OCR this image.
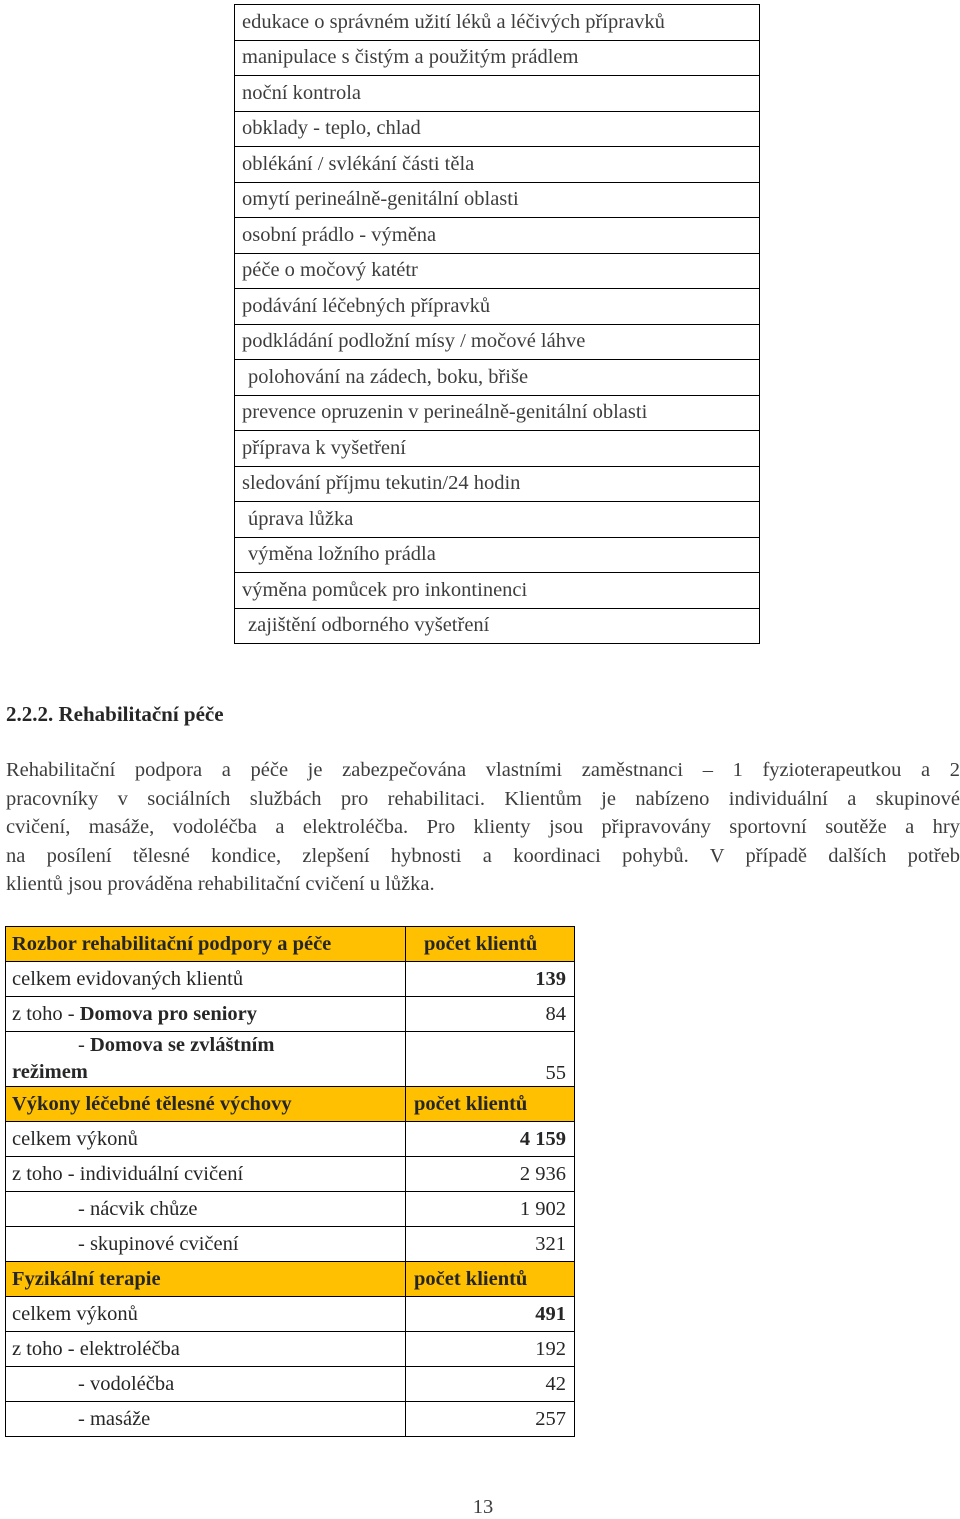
edukace o správném užití léků a léčivých přípravků
manipulace s čistým a použitým prádlem
noční kontrola
obklady - teplo, chlad
oblékání / svlékání části těla
omytí perineálně-genitální oblasti
osobní prádlo - výměna
péče o močový katétr
podávání léčebných přípravků
podkládání podložní mísy / močové láhve
polohování na zádech, boku, břiše
prevence opruzenin v perineálně-genitální oblasti
příprava k vyšetření
sledování příjmu tekutin/24 hodin
úprava lůžka
výměna ložního prádla
výměna pomůcek pro inkontinenci
zajištění odborného vyšetření
2.2.2. Rehabilitační péče

Rehabilitační podpora a péče je zabezpečována vlastními zaměstnanci – 1 fyzioterapeutkou a 2
pracovníky v sociálních službách pro rehabilitaci. Klientům je nabízeno individuální a skupinové
cvičení, masáže, vodoléčba a elektroléčba. Pro klienty jsou připravovány sportovní soutěže a hry
na posílení tělesné kondice, zlepšení hybnosti a koordinaci pohybů. V případě dalších potřeb
klientů jsou prováděna rehabilitační cvičení u lůžka.

Rozbor rehabilitační podpory a péče	počet klientů
celkem evidovaných klientů	139
z toho - Domova pro seniory	84

- Domova se zvláštním
režimem	55
Výkony léčebné tělesné výchovy	počet klientů
celkem výkonů	4 159
z toho - individuální cvičení	2 936
- nácvik chůze	1 902
- skupinové cvičení	321
Fyzikální terapie	počet klientů
celkem výkonů	491
z toho - elektroléčba	192
- vodoléčba	42
- masáže	257
13
